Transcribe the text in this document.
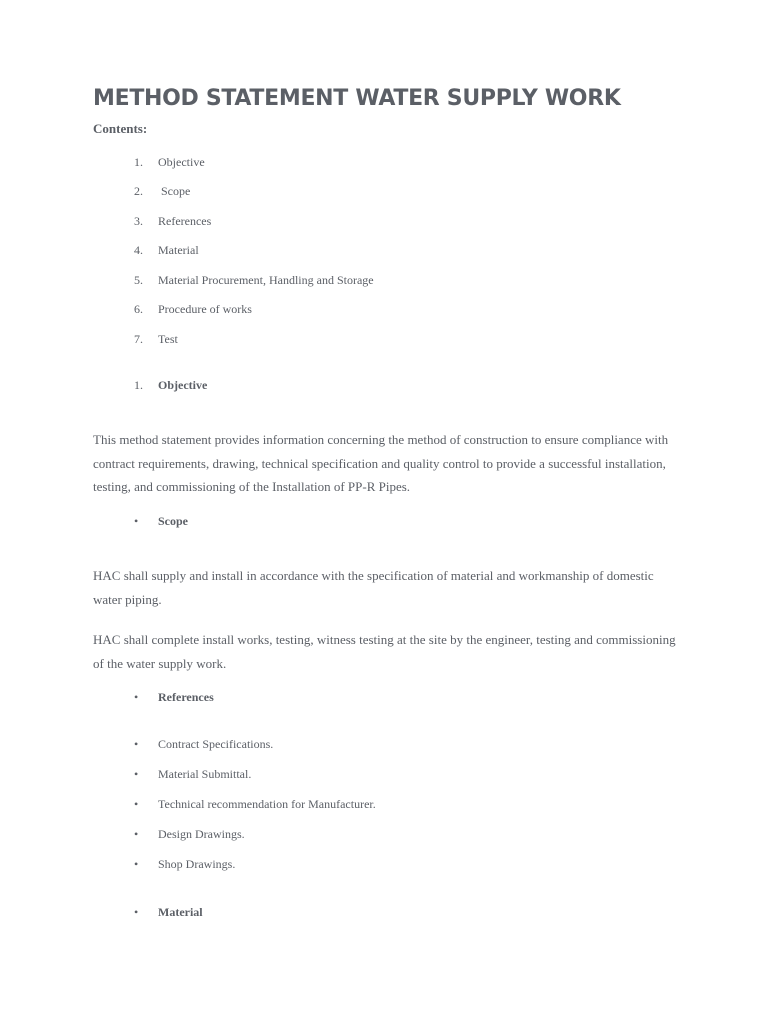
METHOD STATEMENT WATER SUPPLY WORK
Contents:
1.	Objective
2.	Scope
3.	References
4.	Material
5.	Material Procurement, Handling and Storage
6.	Procedure of works
7.	Test
1.	Objective

This method statement provides information concerning the method of construction to ensure compliance with contract requirements, drawing, technical specification and quality control to provide a successful installation, testing, and commissioning of the Installation of PP-R Pipes.

•	Scope

HAC shall supply and install in accordance with the specification of material and workmanship of domestic water piping.

HAC shall complete install works, testing, witness testing at the site by the engineer, testing and commissioning of the water supply work.

•	References
•	Contract Specifications.
•	Material Submittal.
•	Technical recommendation for Manufacturer.
•	Design Drawings.
•	Shop Drawings.
•	Material
